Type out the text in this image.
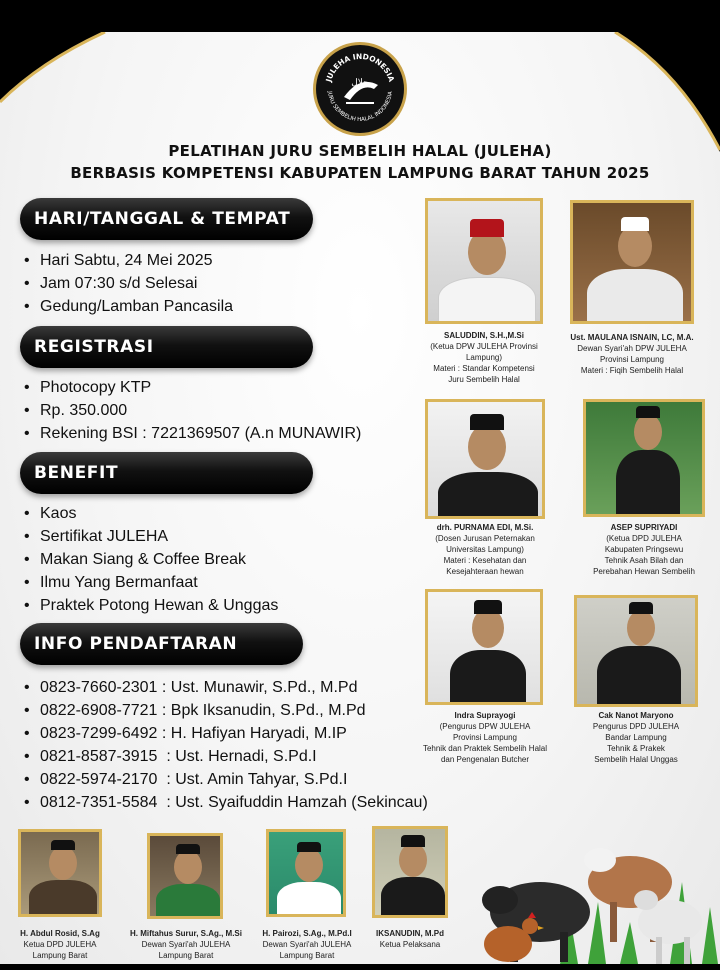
JULEHA INDONESIA
JURU SEMBELIH HALAL INDONESIA
حلال
PELATIHAN JURU SEMBELIH HALAL (JULEHA)
BERBASIS KOMPETENSI KABUPATEN LAMPUNG BARAT TAHUN 2025
HARI/TANGGAL & TEMPAT
• Hari Sabtu, 24 Mei 2025
• Jam 07:30 s/d Selesai
• Gedung/Lamban Pancasila
REGISTRASI
• Photocopy KTP
• Rp. 350.000
• Rekening BSI : 7221369507 (A.n MUNAWIR)
BENEFIT
• Kaos
• Sertifikat JULEHA
• Makan Siang & Coffee Break
• Ilmu Yang Bermanfaat
• Praktek Potong Hewan & Unggas
INFO PENDAFTARAN
• 0823-7660-2301 : Ust. Munawir, S.Pd., M.Pd
• 0822-6908-7721 : Bpk Iksanudin, S.Pd., M.Pd
• 0823-7299-6492 : H. Hafiyan Haryadi, M.IP
• 0821-8587-3915  : Ust. Hernadi, S.Pd.I
• 0822-5974-2170  : Ust. Amin Tahyar, S.Pd.I
• 0812-7351-5584  : Ust. Syaifuddin Hamzah (Sekincau)
SALUDDIN, S.H.,M.Si
(Ketua DPW JULEHA Provinsi
Lampung)
Materi : Standar Kompetensi
Juru Sembelih Halal
Ust. MAULANA ISNAIN, LC, M.A.
Dewan Syari'ah DPW JULEHA
Provinsi Lampung
Materi : Fiqih Sembelih Halal
drh. PURNAMA EDI, M.Si.
(Dosen Jurusan Peternakan
Universitas Lampung)
Materi : Kesehatan dan
Kesejahteraan hewan
ASEP SUPRIYADI
(Ketua DPD JULEHA
Kabupaten Pringsewu
Tehnik Asah Bilah dan
Perebahan Hewan Sembelih
Indra Suprayogi
(Pengurus DPW JULEHA
Provinsi Lampung
Tehnik dan Praktek Sembelih Halal
dan Pengenalan Butcher
Cak Nanot Maryono
Pengurus DPD JULEHA
Bandar Lampung
Tehnik & Prakek
Sembelih Halal Unggas
H. Abdul Rosid, S.Ag
Ketua DPD JULEHA
Lampung Barat
H. Miftahus Surur, S.Ag., M.Si
Dewan Syari'ah JULEHA
Lampung Barat
H. Pairozi, S.Ag., M.Pd.I
Dewan Syari'ah JULEHA
Lampung Barat
IKSANUDIN, M.Pd
Ketua Pelaksana
